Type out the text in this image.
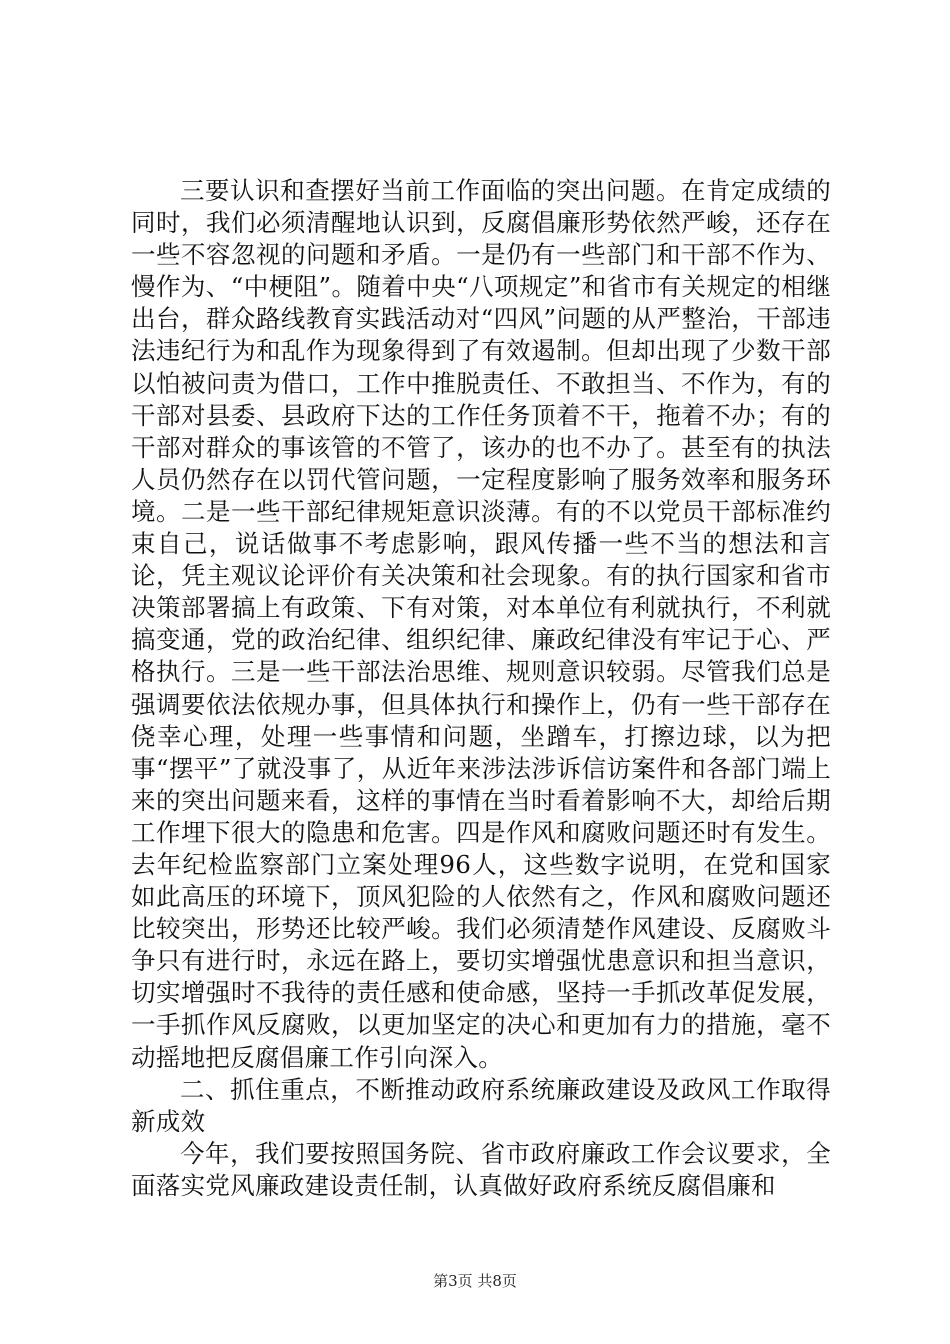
三要认识和查摆好当前工作面临的突出问题。在肯定成绩的同时，我们必须清醒地认识到，反腐倡廉形势依然严峻，还存在一些不容忽视的问题和矛盾。一是仍有一些部门和干部不作为、慢作为、“中梗阻”。随着中央“八项规定”和省市有关规定的相继出台，群众路线教育实践活动对“四风”问题的从严整治，干部违法违纪行为和乱作为现象得到了有效遏制。但却出现了少数干部以怕被问责为借口，工作中推脱责任、不敢担当、不作为，有的干部对县委、县政府下达的工作任务顶着不干，拖着不办；有的干部对群众的事该管的不管了，该办的也不办了。甚至有的执法人员仍然存在以罚代管问题，一定程度影响了服务效率和服务环境。二是一些干部纪律规矩意识淡薄。有的不以党员干部标准约束自己，说话做事不考虑影响，跟风传播一些不当的想法和言论，凭主观议论评价有关决策和社会现象。有的执行国家和省市决策部署搞上有政策、下有对策，对本单位有利就执行，不利就搞变通，党的政治纪律、组织纪律、廉政纪律没有牢记于心、严格执行。三是一些干部法治思维、规则意识较弱。尽管我们总是强调要依法依规办事，但具体执行和操作上，仍有一些干部存在侥幸心理，处理一些事情和问题，坐蹭车，打擦边球，以为把事“摆平”了就没事了，从近年来涉法涉诉信访案件和各部门端上来的突出问题来看，这样的事情在当时看着影响不大，却给后期工作埋下很大的隐患和危害。四是作风和腐败问题还时有发生。去年纪检监察部门立案处理96人，这些数字说明，在党和国家如此高压的环境下，顶风犯险的人依然有之，作风和腐败问题还比较突出，形势还比较严峻。我们必须清楚作风建设、反腐败斗争只有进行时，永远在路上，要切实增强忧患意识和担当意识，切实增强时不我待的责任感和使命感，坚持一手抓改革促发展，一手抓作风反腐败，以更加坚定的决心和更加有力的措施，毫不动摇地把反腐倡廉工作引向深入。

二、抓住重点，不断推动政府系统廉政建设及政风工作取得新成效

今年，我们要按照国务院、省市政府廉政工作会议要求，全面落实党风廉政建设责任制，认真做好政府系统反腐倡廉和

第3页 共8页
